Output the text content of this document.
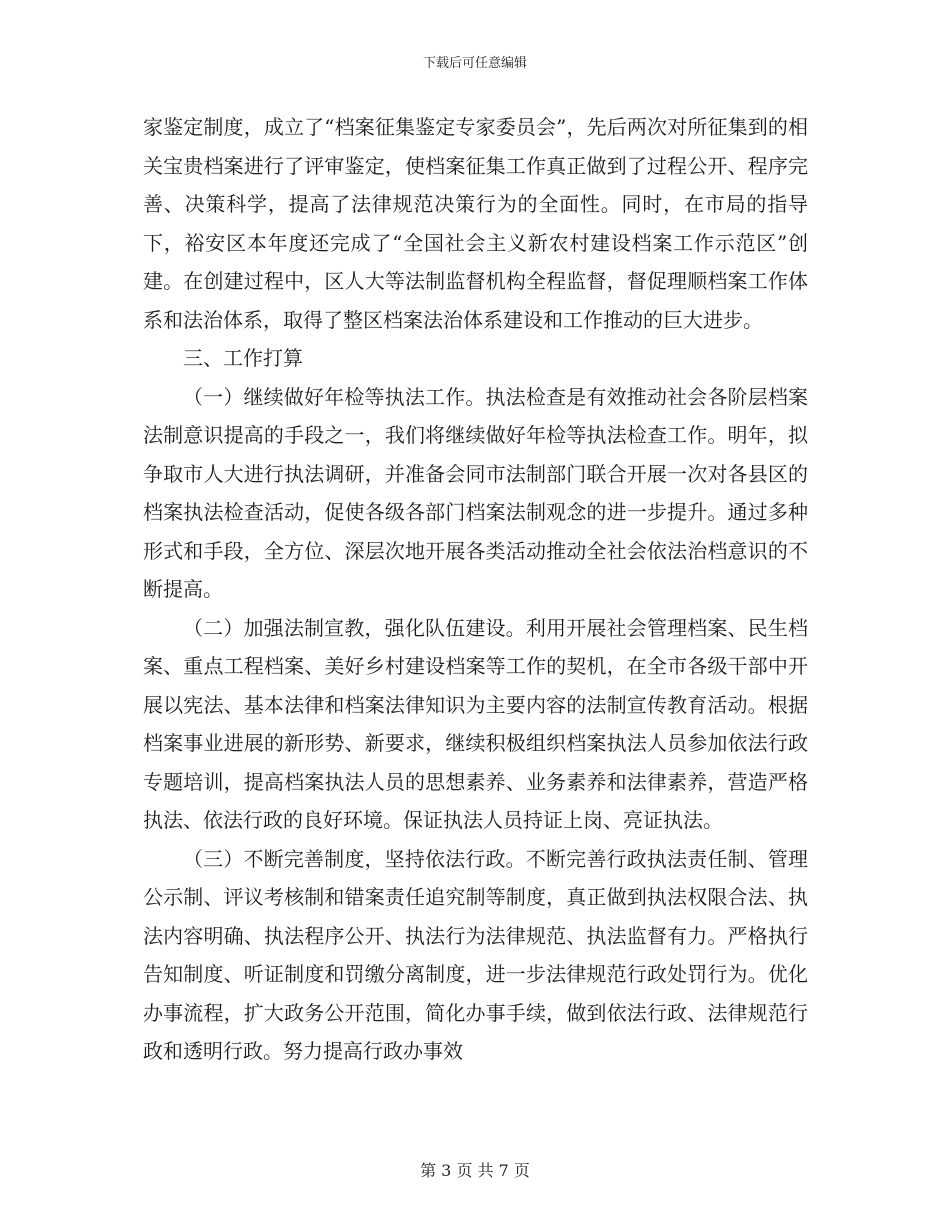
下载后可任意编辑

家鉴定制度，成立了“档案征集鉴定专家委员会”，先后两次对所征集到的相关宝贵档案进行了评审鉴定，使档案征集工作真正做到了过程公开、程序完善、决策科学，提高了法律规范决策行为的全面性。同时，在市局的指导下，裕安区本年度还完成了“全国社会主义新农村建设档案工作示范区”创建。在创建过程中，区人大等法制监督机构全程监督，督促理顺档案工作体系和法治体系，取得了整区档案法治体系建设和工作推动的巨大进步。

三、工作打算

（一）继续做好年检等执法工作。执法检查是有效推动社会各阶层档案法制意识提高的手段之一，我们将继续做好年检等执法检查工作。明年，拟争取市人大进行执法调研，并准备会同市法制部门联合开展一次对各县区的档案执法检查活动，促使各级各部门档案法制观念的进一步提升。通过多种形式和手段，全方位、深层次地开展各类活动推动全社会依法治档意识的不断提高。

（二）加强法制宣教，强化队伍建设。利用开展社会管理档案、民生档案、重点工程档案、美好乡村建设档案等工作的契机，在全市各级干部中开展以宪法、基本法律和档案法律知识为主要内容的法制宣传教育活动。根据档案事业进展的新形势、新要求，继续积极组织档案执法人员参加依法行政专题培训，提高档案执法人员的思想素养、业务素养和法律素养，营造严格执法、依法行政的良好环境。保证执法人员持证上岗、亮证执法。

（三）不断完善制度，坚持依法行政。不断完善行政执法责任制、管理公示制、评议考核制和错案责任追究制等制度，真正做到执法权限合法、执法内容明确、执法程序公开、执法行为法律规范、执法监督有力。严格执行告知制度、听证制度和罚缴分离制度，进一步法律规范行政处罚行为。优化办事流程，扩大政务公开范围，简化办事手续，做到依法行政、法律规范行政和透明行政。努力提高行政办事效

第 3 页 共 7 页
